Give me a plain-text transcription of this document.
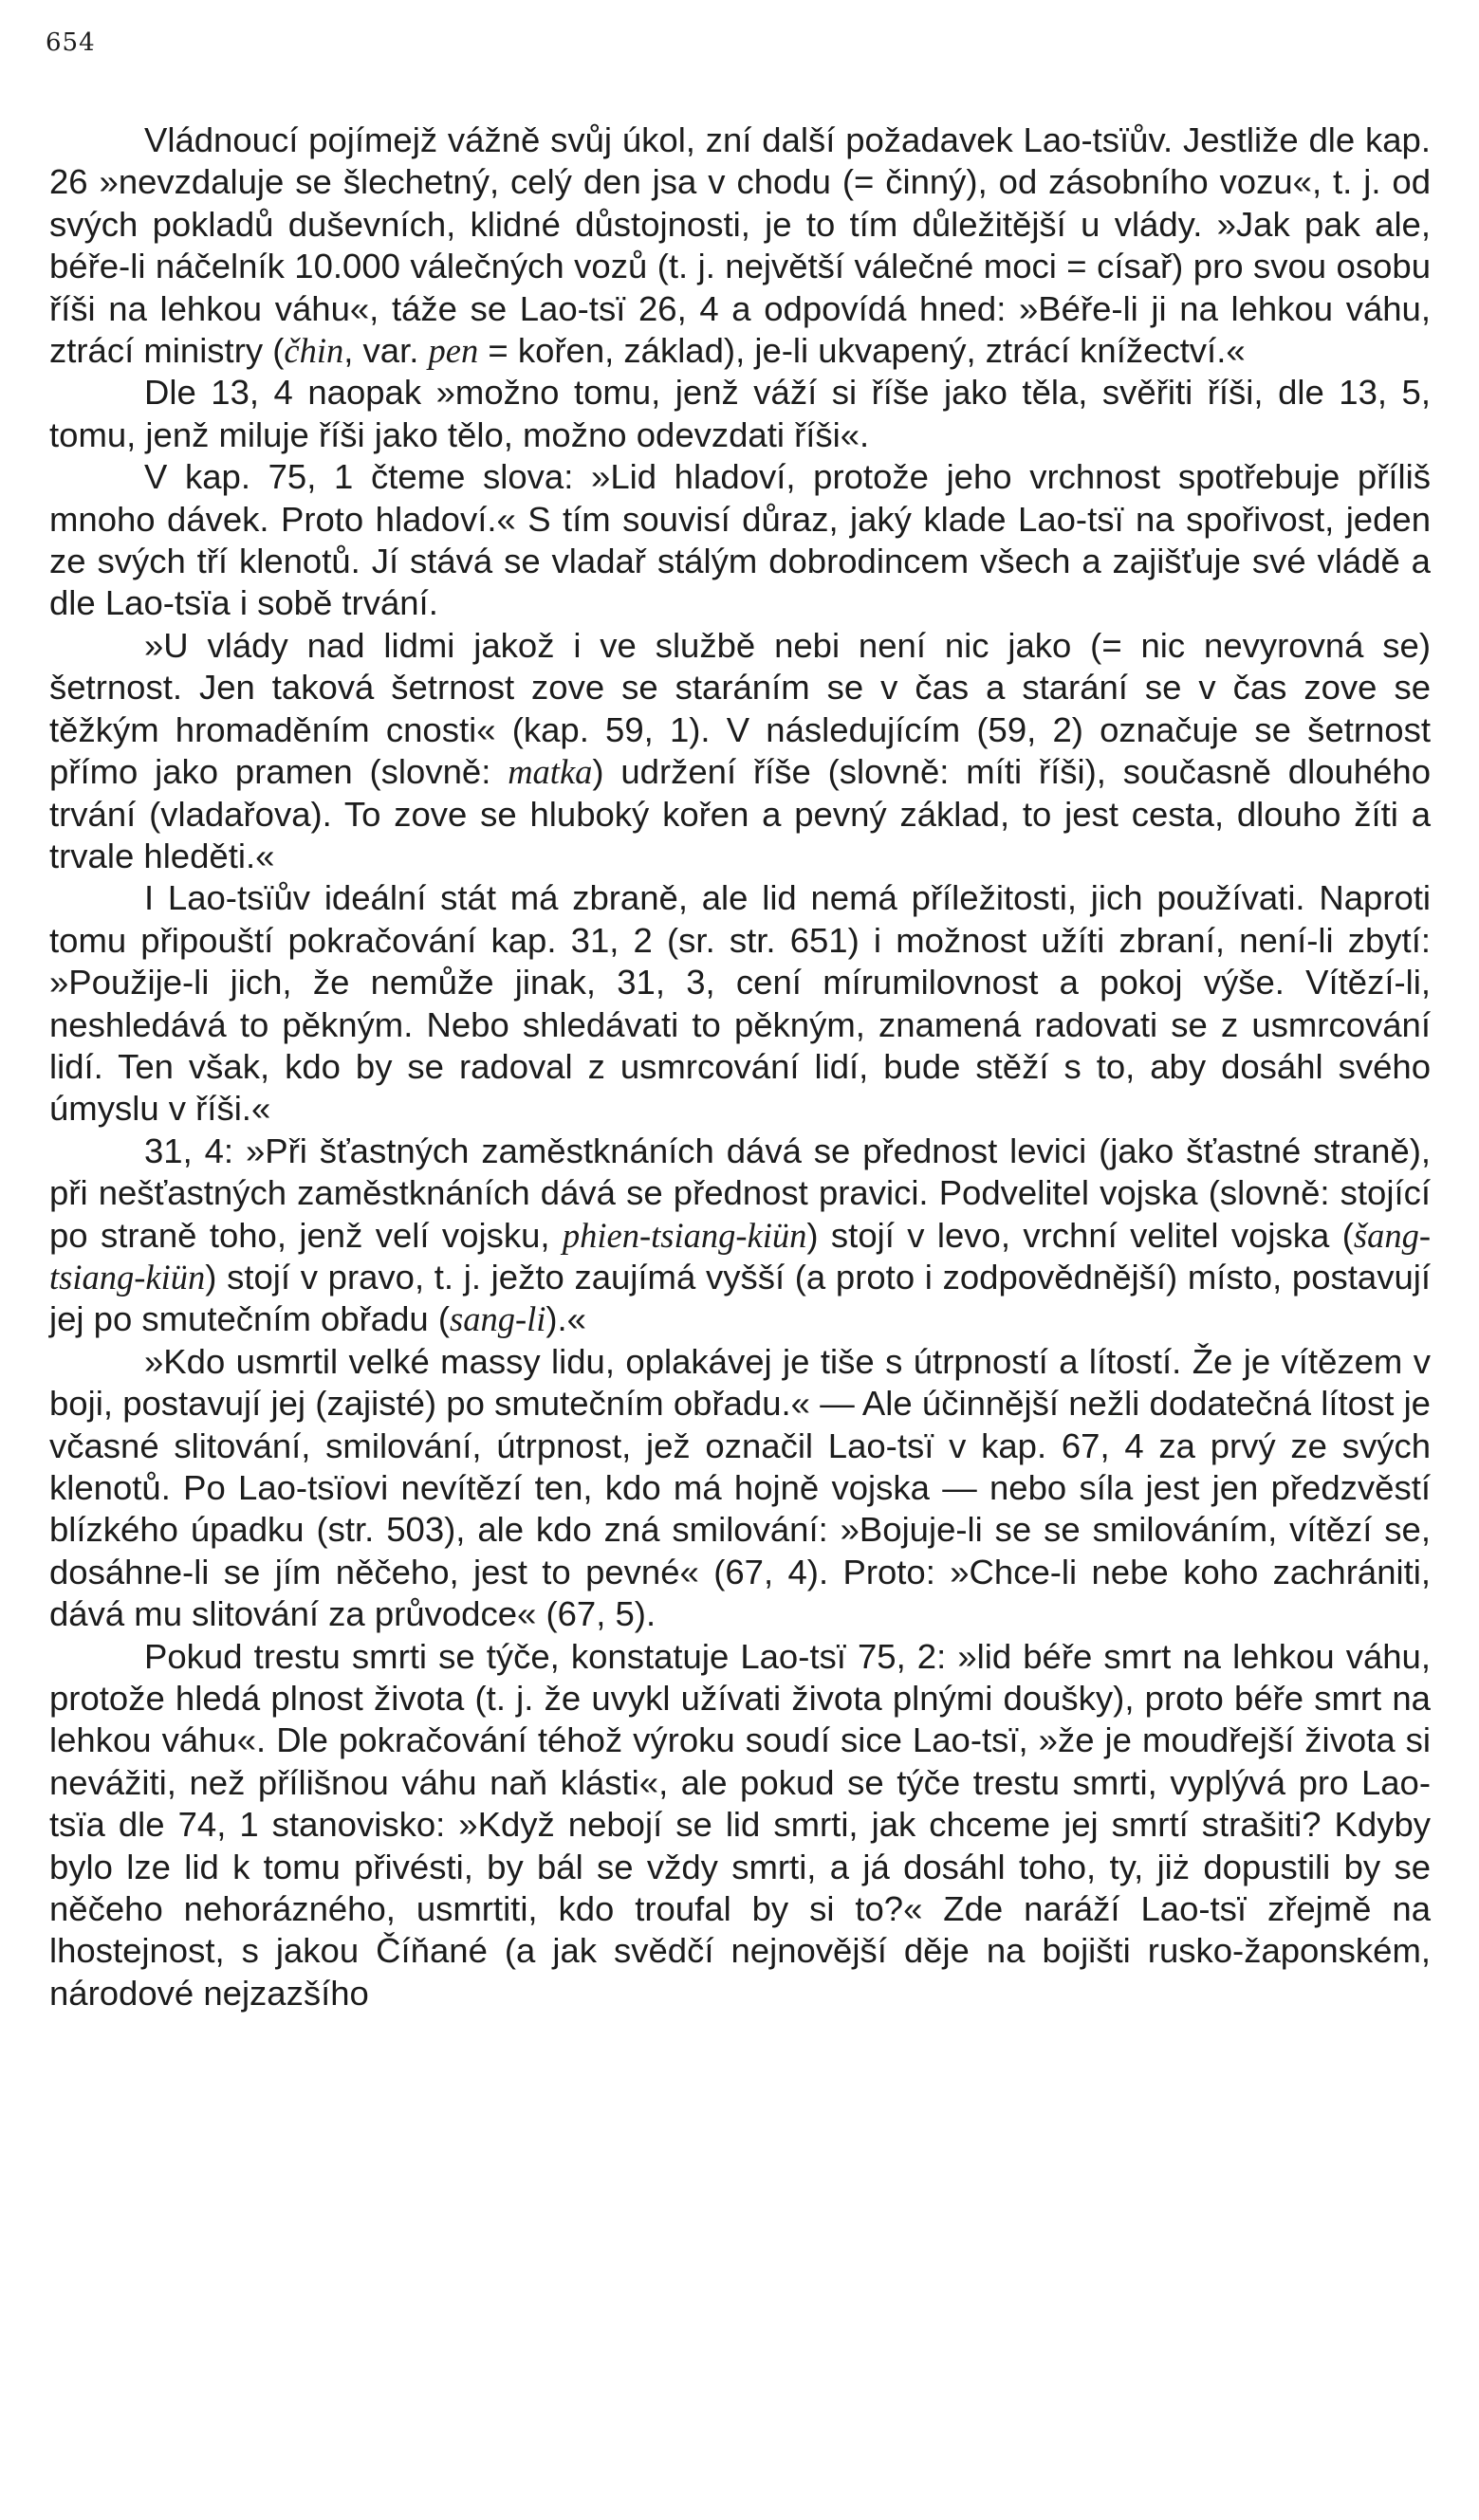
654

Vládnoucí pojímejž vážně svůj úkol, zní další požadavek Lao-tsïův. Jestliže dle kap. 26 »nevzdaluje se šlechetný, celý den jsa v chodu (= činný), od zásobního vozu«, t. j. od svých pokladů duševních, klidné důstojnosti, je to tím důležitější u vlády. »Jak pak ale, béře-li náčelník 10.000 válečných vozů (t. j. největší válečné moci = císař) pro svou osobu říši na lehkou váhu«, táže se Lao-tsï 26, 4 a odpovídá hned: »Béře-li ji na lehkou váhu, ztrácí ministry (čhin, var. pen = kořen, základ), je-li ukvapený, ztrácí knížectví.«

Dle 13, 4 naopak »možno tomu, jenž váží si říše jako těla, svěřiti říši, dle 13, 5, tomu, jenž miluje říši jako tělo, možno odevzdati říši«.

V kap. 75, 1 čteme slova: »Lid hladoví, protože jeho vrchnost spotřebuje příliš mnoho dávek. Proto hladoví.« S tím souvisí důraz, jaký klade Lao-tsï na spořivost, jeden ze svých tří klenotů. Jí stává se vladař stálým dobrodincem všech a zajišťuje své vládě a dle Lao-tsïa i sobě trvání.

»U vlády nad lidmi jakož i ve službě nebi není nic jako (= nic nevyrovná se) šetrnost. Jen taková šetrnost zove se staráním se v čas a starání se v čas zove se těžkým hromaděním cnosti« (kap. 59, 1). V následujícím (59, 2) označuje se šetrnost přímo jako pramen (slovně: matka) udržení říše (slovně: míti říši), současně dlouhého trvání (vladařova). To zove se hluboký kořen a pevný základ, to jest cesta, dlouho žíti a trvale hleděti.«

I Lao-tsïův ideální stát má zbraně, ale lid nemá příležitosti, jich používati. Naproti tomu připouští pokračování kap. 31, 2 (sr. str. 651) i možnost užíti zbraní, není-li zbytí: »Použije-li jich, že nemůže jinak, 31, 3, cení mírumilovnost a pokoj výše. Vítězí-li, neshledává to pěkným. Nebo shledávati to pěkným, znamená radovati se z usmrcování lidí. Ten však, kdo by se radoval z usmrcování lidí, bude stěží s to, aby dosáhl svého úmyslu v říši.«

31, 4: »Při šťastných zaměstknáních dává se přednost levici (jako šťastné straně), při nešťastných zaměstknáních dává se přednost pravici. Podvelitel vojska (slovně: stojící po straně toho, jenž velí vojsku, phien-tsiang-kiün) stojí v levo, vrchní velitel vojska (šang-tsiang-kiün) stojí v pravo, t. j. ježto zaujímá vyšší (a proto i zodpovědnější) místo, postavují jej po smutečním obřadu (sang-li).«

»Kdo usmrtil velké massy lidu, oplakávej je tiše s útrpností a lítostí. Že je vítězem v boji, postavují jej (zajisté) po smutečním obřadu.« — Ale účinnější nežli dodatečná lítost je včasné slitování, smilování, útrpnost, jež označil Lao-tsï v kap. 67, 4 za prvý ze svých klenotů. Po Lao-tsïovi nevítězí ten, kdo má hojně vojska — nebo síla jest jen předzvěstí blízkého úpadku (str. 503), ale kdo zná smilování: »Bojuje-li se se smilováním, vítězí se, dosáhne-li se jím něčeho, jest to pevné« (67, 4). Proto: »Chce-li nebe koho zachrániti, dává mu slitování za průvodce« (67, 5).

Pokud trestu smrti se týče, konstatuje Lao-tsï 75, 2: »lid béře smrt na lehkou váhu, protože hledá plnost života (t. j. že uvykl užívati života plnými doušky), proto béře smrt na lehkou váhu«. Dle pokračování téhož výroku soudí sice Lao-tsï, »že je moudřejší života si nevážiti, než přílišnou váhu naň klásti«, ale pokud se týče trestu smrti, vyplývá pro Lao-tsïa dle 74, 1 stanovisko: »Když nebojí se lid smrti, jak chceme jej smrtí strašiti? Kdyby bylo lze lid k tomu přivésti, by bál se vždy smrti, a já dosáhl toho, ty, jiż dopustili by se něčeho nehorázného, usmrtiti, kdo troufal by si to?« Zde naráží Lao-tsï zřejmě na lhostejnost, s jakou Číňané (a jak svědčí nejnovější děje na bojišti rusko-žaponském, národové nejzazšího
